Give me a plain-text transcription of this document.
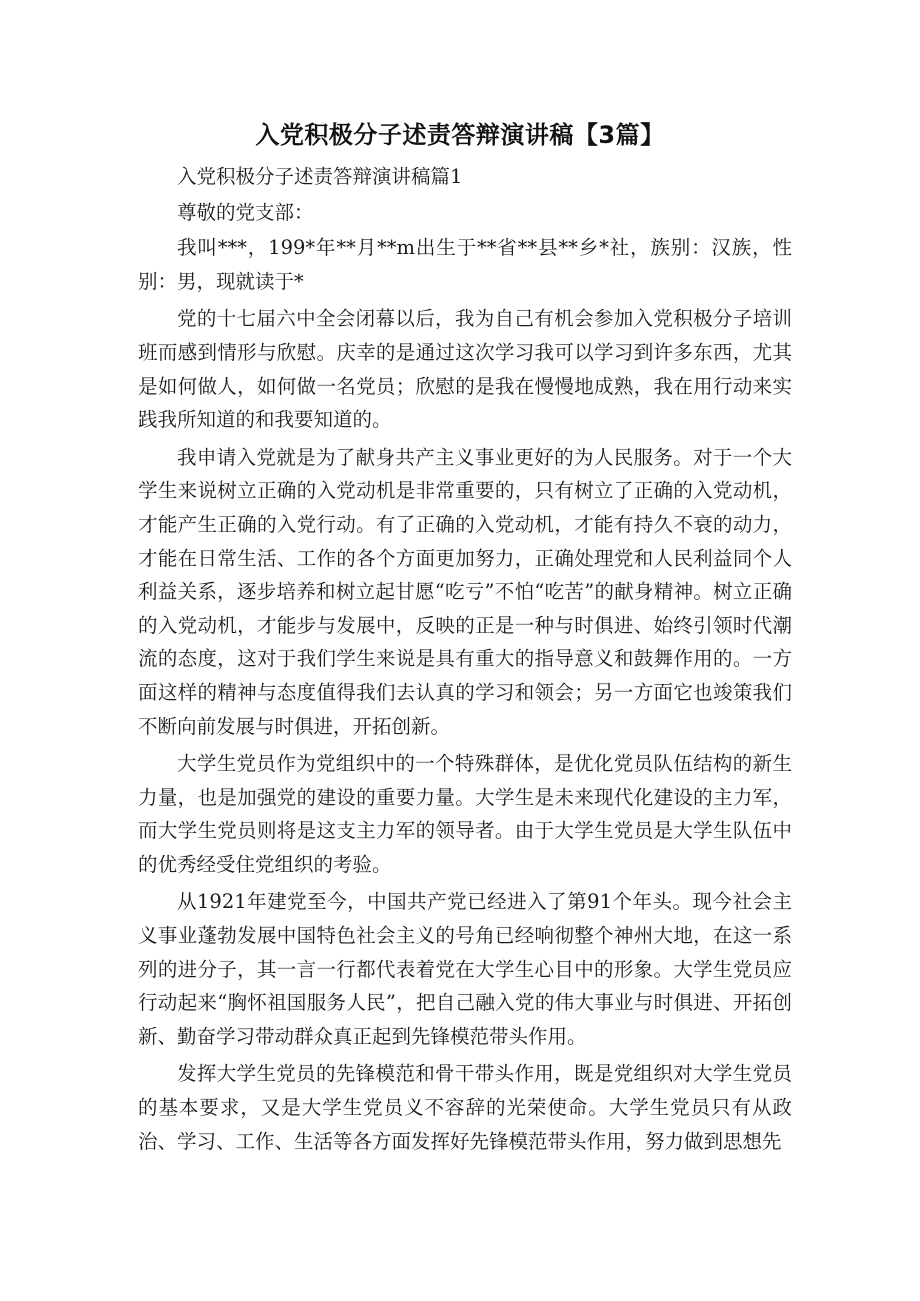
入党积极分子述责答辩演讲稿【3篇】

入党积极分子述责答辩演讲稿篇1

尊敬的党支部：

我叫***，199*年**月**m出生于**省**县**乡*社，族别：汉族，性别：男，现就读于*

党的十七届六中全会闭幕以后，我为自己有机会参加入党积极分子培训班而感到情形与欣慰。庆幸的是通过这次学习我可以学习到许多东西，尤其是如何做人，如何做一名党员；欣慰的是我在慢慢地成熟，我在用行动来实践我所知道的和我要知道的。

我申请入党就是为了献身共产主义事业更好的为人民服务。对于一个大学生来说树立正确的入党动机是非常重要的，只有树立了正确的入党动机，才能产生正确的入党行动。有了正确的入党动机，才能有持久不衰的动力，才能在日常生活、工作的各个方面更加努力，正确处理党和人民利益同个人利益关系，逐步培养和树立起甘愿“吃亏”不怕“吃苦”的献身精神。树立正确的入党动机，才能步与发展中，反映的正是一种与时俱进、始终引领时代潮流的态度，这对于我们学生来说是具有重大的指导意义和鼓舞作用的。一方面这样的精神与态度值得我们去认真的学习和领会；另一方面它也竣策我们不断向前发展与时俱进，开拓创新。

大学生党员作为党组织中的一个特殊群体，是优化党员队伍结构的新生力量，也是加强党的建设的重要力量。大学生是未来现代化建设的主力军，而大学生党员则将是这支主力军的领导者。由于大学生党员是大学生队伍中的优秀经受住党组织的考验。

从1921年建党至今，中国共产党已经进入了第91个年头。现今社会主义事业蓬勃发展中国特色社会主义的号角已经响彻整个神州大地，在这一系列的进分子，其一言一行都代表着党在大学生心目中的形象。大学生党员应行动起来“胸怀祖国服务人民”，把自己融入党的伟大事业与时俱进、开拓创新、勤奋学习带动群众真正起到先锋模范带头作用。

发挥大学生党员的先锋模范和骨干带头作用，既是党组织对大学生党员的基本要求，又是大学生党员义不容辞的光荣使命。大学生党员只有从政治、学习、工作、生活等各方面发挥好先锋模范带头作用，努力做到思想先
